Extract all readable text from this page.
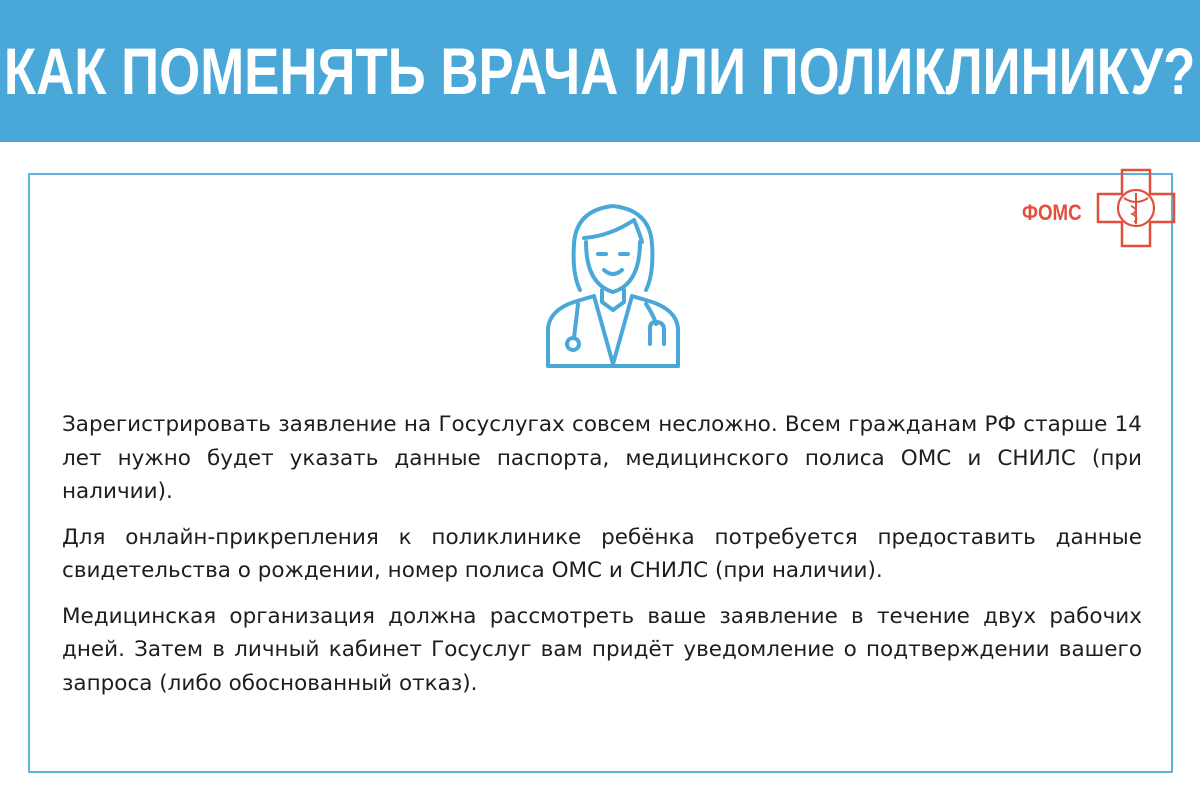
КАК ПОМЕНЯТЬ ВРАЧА ИЛИ ПОЛИКЛИНИКУ?
ФОМС

Зарегистрировать заявление на Госуслугах совсем несложно. Всем гражданам РФ старше 14 лет нужно будет указать данные паспорта, медицинского полиса ОМС и СНИЛС (при наличии).

Для онлайн-прикрепления к поликлинике ребёнка потребуется предоставить данные свидетельства о рождении, номер полиса ОМС и СНИЛС (при наличии).

Медицинская организация должна рассмотреть ваше заявление в течение двух рабочих дней. Затем в личный кабинет Госуслуг вам придёт уведомление о подтверждении вашего запроса (либо обоснованный отказ).
